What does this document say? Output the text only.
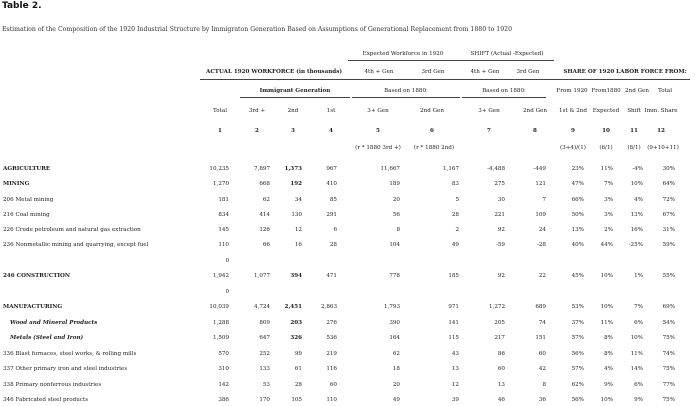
Table 2.
Estimation of the Composition of the 1920 Industrial Structure by Immigraton Generation Based on Assumptions of Generational Replacement from 1880 to 1920
Expected Workforce in 1920	SHIFT (Actual -Expected)
ACTUAL 1920 WORKFORCE (in thousands)	SHARE OF 1920 LABOR FORCE FROM:
4th + Gen	3rd Gen	4th + Gen	3rd Gen
Immigrant Generation	Based on 1880:	Based on 1880:	From 1920 From1880 2nd Gen	Total
Total	3rd +	2nd	1st	3+ Gen	2nd Gen	3+ Gen	2nd Gen	1st & 2nd	Expected	Shift Imm. Share
1	2	3	4	5	6	7	8	9	10	11	12
(r * 1880 3rd +)	(r * 1880 2nd)	(3+4)/(1)	(6/1)	(8/1)	(9+10+11)
AGRICULTURE	10,235	7,897	1,373	967	11,667	1,167	-4,488	-449	23%	11%	-4%	30%
MINING	1,270	668	192	410	189	83	275	121	47%	7%	10%	64%
206 Metal mining	181	62	34	85	20	5	30	7	66%	3%	4%	72%
216 Coal mining	834	414	130	291	56	28	221	109	50%	3%	13%	67%
226 Crude petroleum and natural gas extraction	145	126	12	6	8	2	92	24	13%	2%	16%	31%
236 Nonmetallic mining and quarrying, except fuel	110	66	16	28	104	49	-59	-28	40%	44%	-25%	59%
0
246 CONSTRUCTION	1,942	1,077	394	471	778	185	92	22	45%	10%	1%	55%
0
MANUFACTURING	10,039	4,724	2,451	2,863	1,793	971	1,272	689	53%	10%	7%	69%
Wood and Mineral Products	1,288	809	203	276	390	141	205	74	37%	11%	6%	54%
Metals (Steel and Iron)	1,509	647	326	536	164	115	217	151	57%	8%	10%	75%
336 Blast furnaces, steel works, & rolling mills	570	252	99	219	62	43	86	60	56%	8%	11%	74%
337 Other primary iron and steel industries	310	133	61	116	18	13	60	42	57%	4%	14%	75%
338 Primary nonferrous industries	142	53	28	60	20	12	13	8	62%	9%	6%	77%
346 Fabricated steel products	386	170	105	110	49	39	46	36	56%	10%	9%	75%
